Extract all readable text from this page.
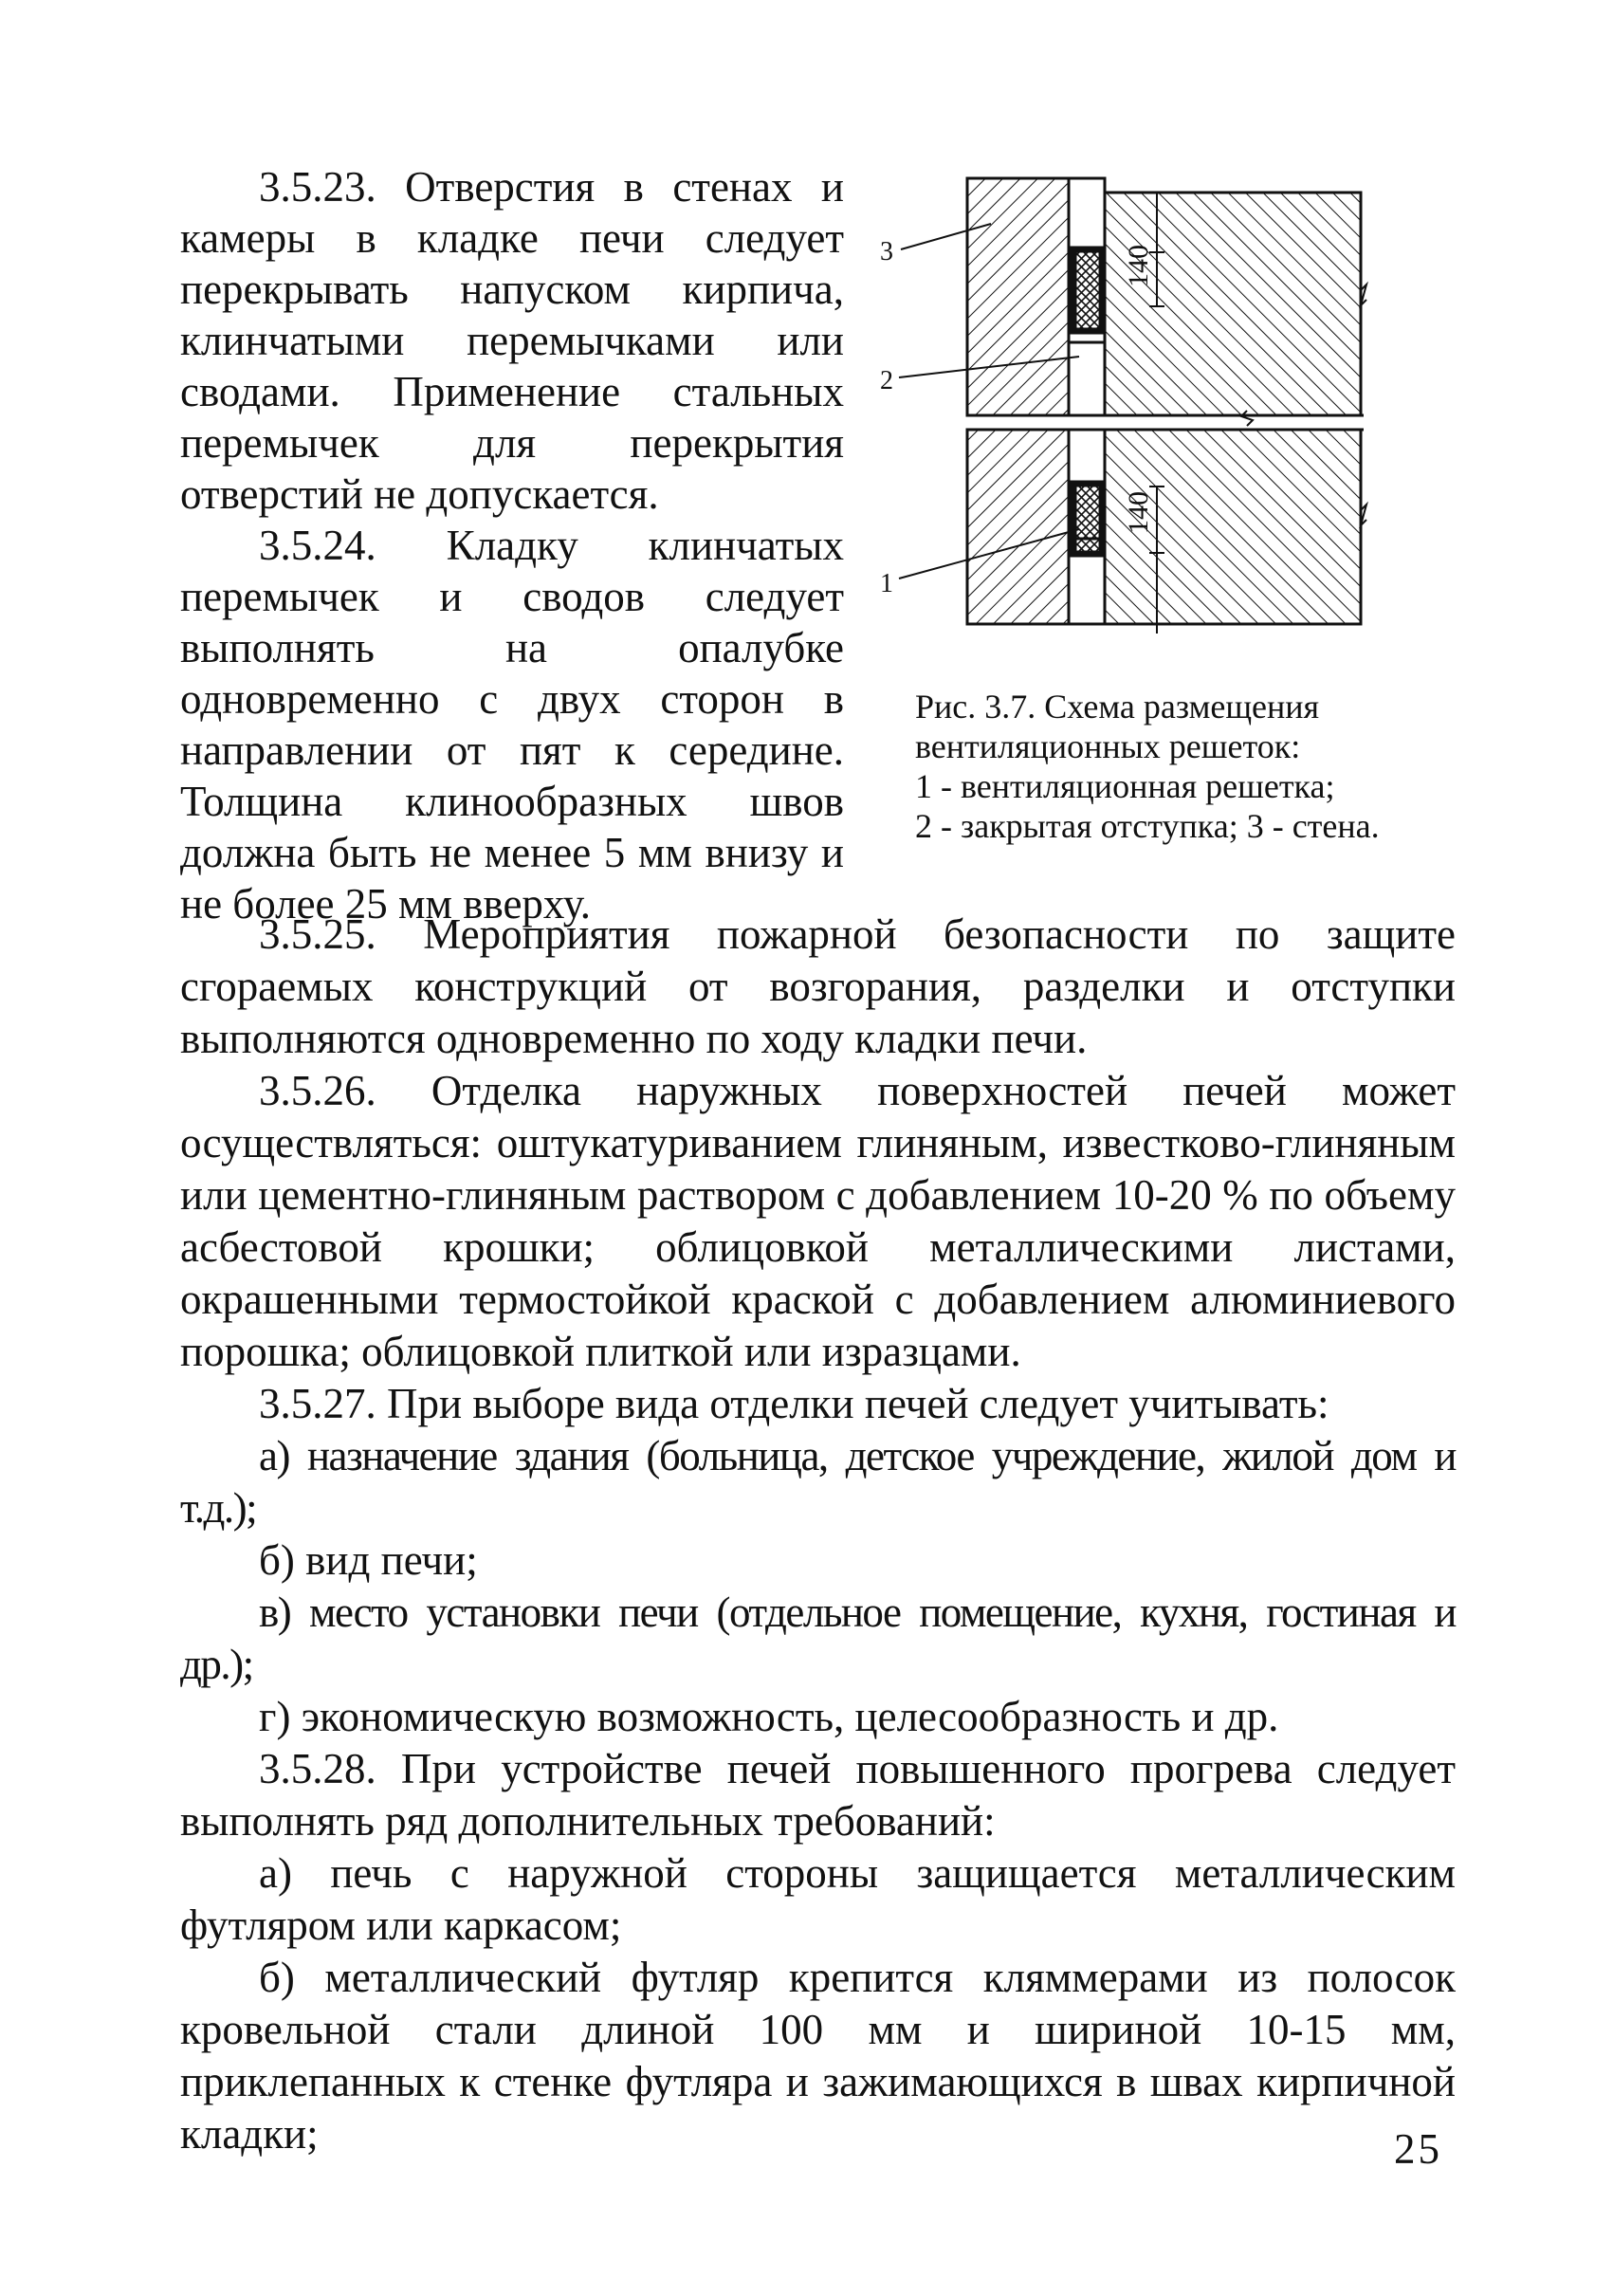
3.5.23. Отверстия в стенах и камеры в кладке печи следует перекрывать напуском кирпича, клинчатыми перемычками или сводами. Применение стальных перемычек для перекрытия отверстий не допускается.

3.5.24. Кладку клинчатых перемычек и сводов следует выполнять на опалубке одновременно с двух сторон в направлении от пят к середине. Толщина клинообразных швов должна быть не менее 5 мм внизу и не более 25 мм вверху.

140
140
3
2
1
Рис. 3.7. Схема размещения
вентиляционных решеток:
1 - вентиляционная решетка;
2 - закрытая отступка; 3 - стена.

3.5.25. Мероприятия пожарной безопасности по защите сгораемых конструкций от возгорания, разделки и отступки выполняются одновременно по ходу кладки печи.

3.5.26. Отделка наружных поверхностей печей может осуществляться: оштукатуриванием глиняным, известково-глиняным или цементно-глиняным раствором с добавлением 10-20 % по объему асбестовой крошки; облицовкой металлическими листами, окрашенными термостойкой краской с добавлением алюминиевого порошка; облицовкой плиткой или изразцами.

3.5.27. При выборе вида отделки печей следует учитывать:

а) назначение здания (больница, детское учреждение, жилой дом и т.д.);

б) вид печи;

в) место установки печи (отдельное помещение, кухня, гостиная и др.);

г) экономическую возможность, целесообразность и др.

3.5.28. При устройстве печей повышенного прогрева следует выполнять ряд дополнительных требований:

а) печь с наружной стороны защищается металлическим футляром или каркасом;

б) металлический футляр крепится кляммерами из полосок кровельной стали длиной 100 мм и шириной 10-15 мм, приклепанных к стенке футляра и зажимающихся в швах кирпичной кладки;	25
